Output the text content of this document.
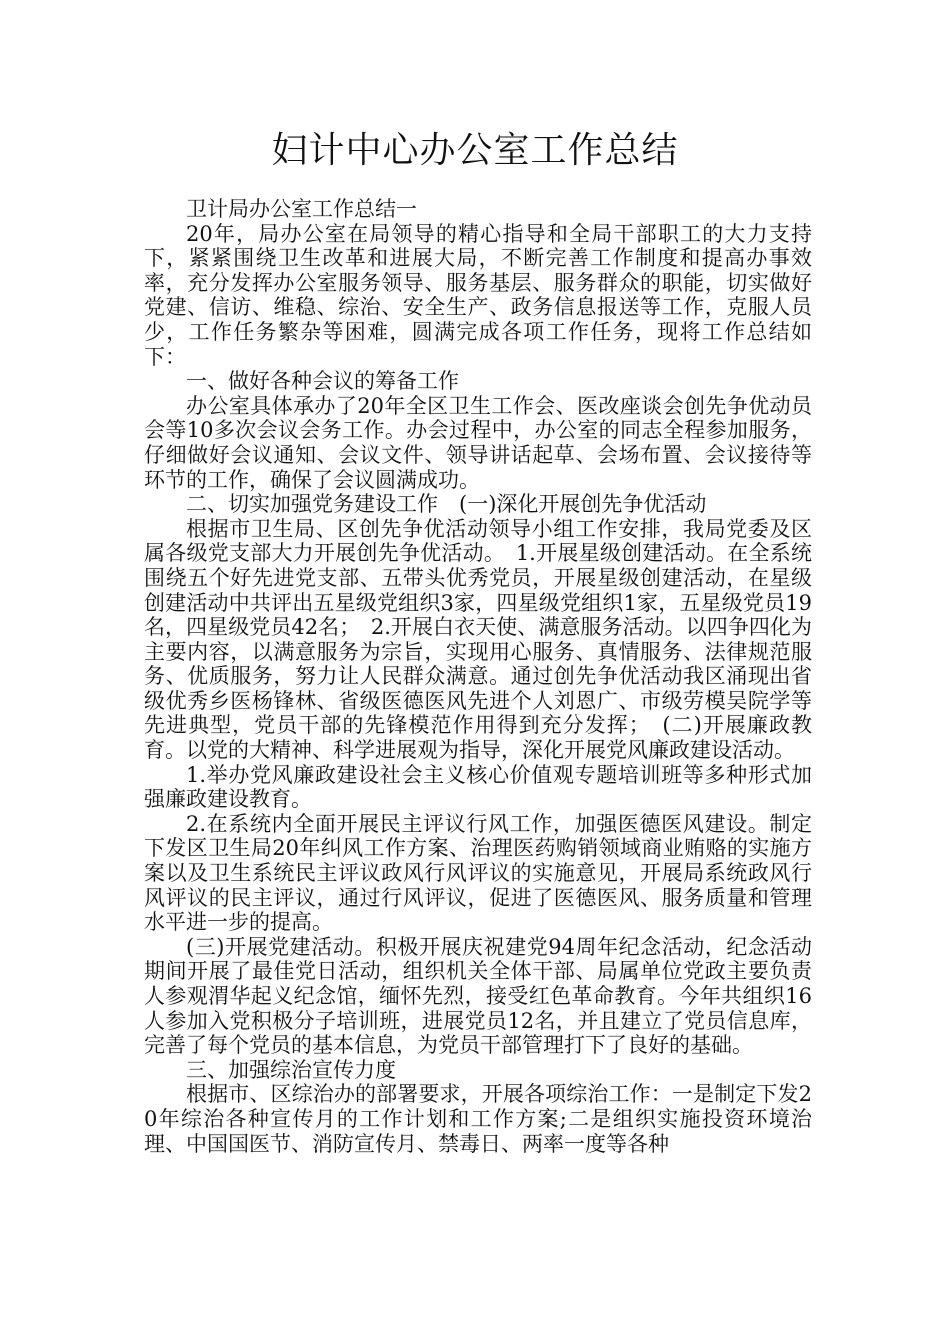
妇计中心办公室工作总结

卫计局办公室工作总结一

20年，局办公室在局领导的精心指导和全局干部职工的大力支持下，紧紧围绕卫生改革和进展大局，不断完善工作制度和提高办事效率，充分发挥办公室服务领导、服务基层、服务群众的职能，切实做好党建、信访、维稳、综治、安全生产、政务信息报送等工作，克服人员少，工作任务繁杂等困难，圆满完成各项工作任务，现将工作总结如下：

一、做好各种会议的筹备工作

办公室具体承办了20年全区卫生工作会、医改座谈会创先争优动员会等10多次会议会务工作。办会过程中，办公室的同志全程参加服务，仔细做好会议通知、会议文件、领导讲话起草、会场布置、会议接待等环节的工作，确保了会议圆满成功。

二、切实加强党务建设工作　(一)深化开展创先争优活动

根据市卫生局、区创先争优活动领导小组工作安排，我局党委及区属各级党支部大力开展创先争优活动。　1.开展星级创建活动。在全系统围绕五个好先进党支部、五带头优秀党员，开展星级创建活动，在星级创建活动中共评出五星级党组织3家，四星级党组织1家，五星级党员19名，四星级党员42名；　2.开展白衣天使、满意服务活动。以四争四化为主要内容，以满意服务为宗旨，实现用心服务、真情服务、法律规范服务、优质服务，努力让人民群众满意。通过创先争优活动我区涌现出省级优秀乡医杨锋林、省级医德医风先进个人刘恩广、市级劳模吴院学等先进典型，党员干部的先锋模范作用得到充分发挥；　(二)开展廉政教育。以党的大精神、科学进展观为指导，深化开展党风廉政建设活动。

1.举办党风廉政建设社会主义核心价值观专题培训班等多种形式加强廉政建设教育。

2.在系统内全面开展民主评议行风工作，加强医德医风建设。制定下发区卫生局20年纠风工作方案、治理医药购销领域商业贿赂的实施方案以及卫生系统民主评议政风行风评议的实施意见，开展局系统政风行风评议的民主评议，通过行风评议，促进了医德医风、服务质量和管理水平进一步的提高。

(三)开展党建活动。积极开展庆祝建党94周年纪念活动，纪念活动期间开展了最佳党日活动，组织机关全体干部、局属单位党政主要负责人参观渭华起义纪念馆，缅怀先烈，接受红色革命教育。今年共组织16人参加入党积极分子培训班，进展党员12名，并且建立了党员信息库，完善了每个党员的基本信息，为党员干部管理打下了良好的基础。

三、加强综治宣传力度

根据市、区综治办的部署要求，开展各项综治工作：一是制定下发20年综治各种宣传月的工作计划和工作方案;二是组织实施投资环境治理、中国国医节、消防宣传月、禁毒日、两率一度等各种
